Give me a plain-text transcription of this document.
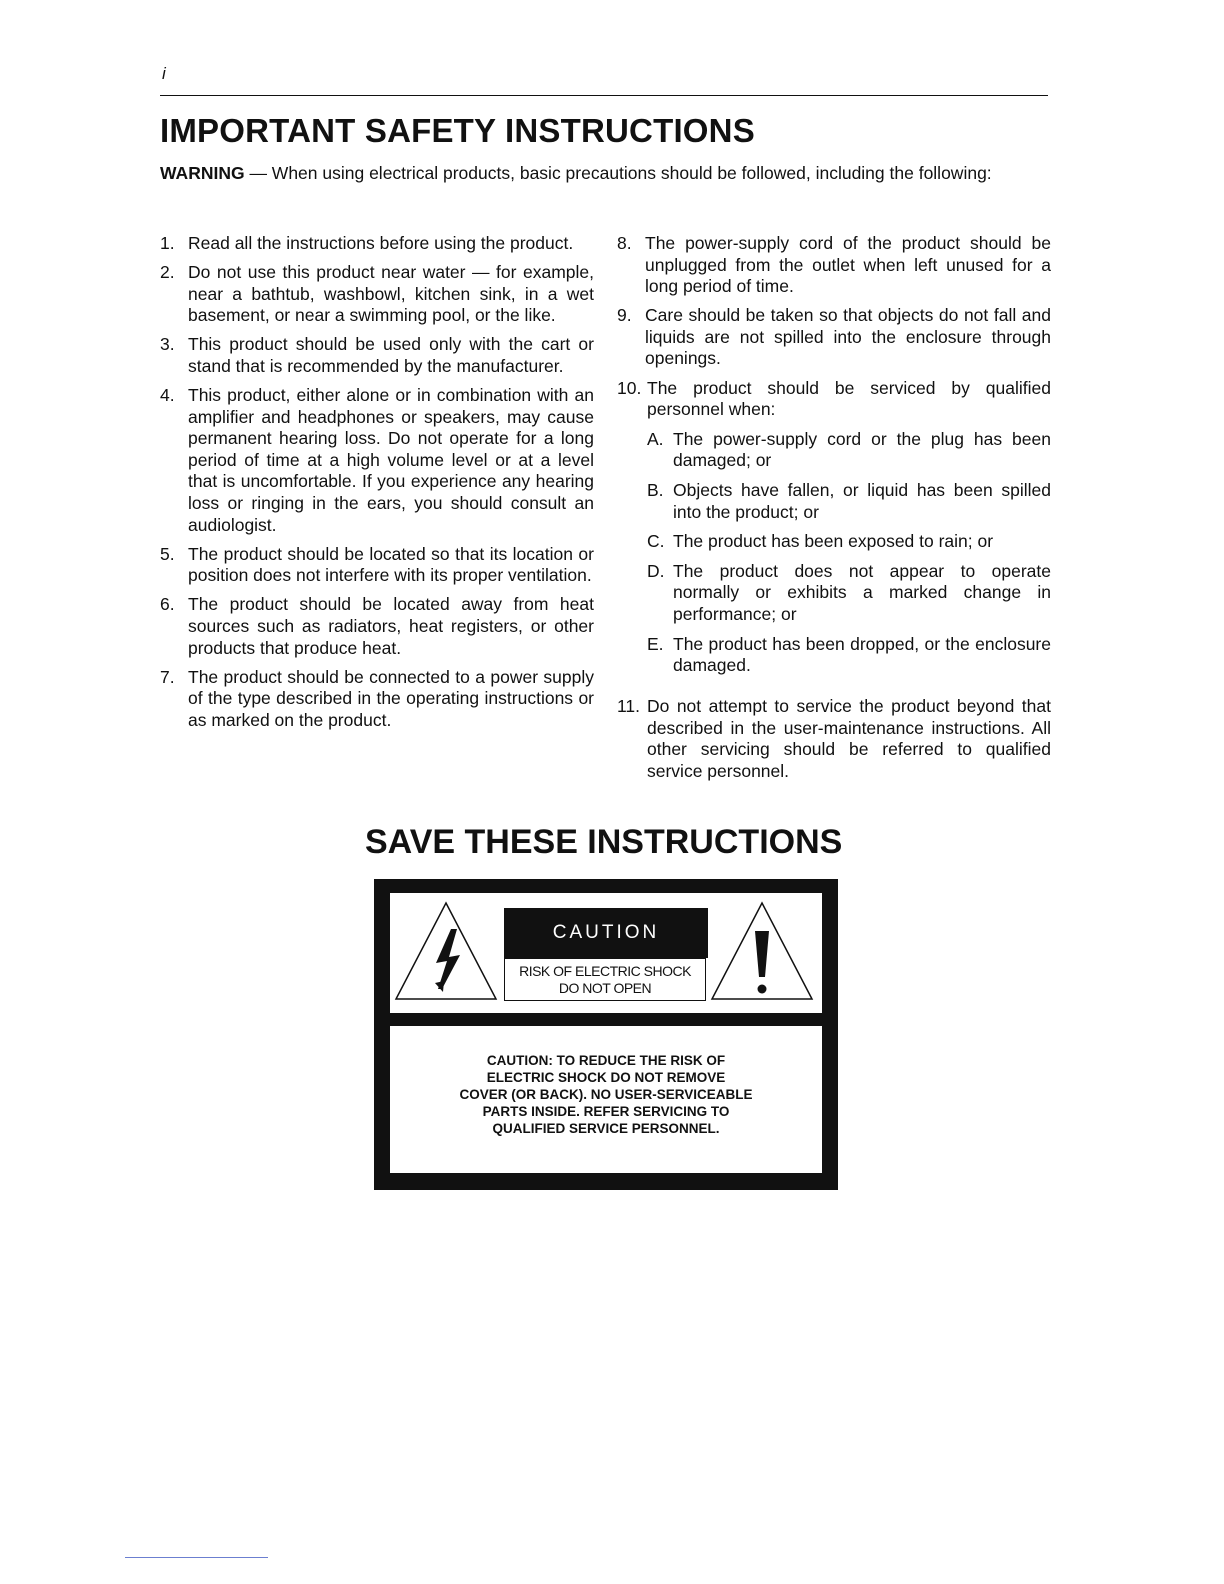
i
IMPORTANT SAFETY INSTRUCTIONS
WARNING — When using electrical products, basic precautions should be followed, including the following:
1. Read all the instructions before using the product.
2. Do not use this product near water — for example, near a bathtub, washbowl, kitchen sink, in a wet basement, or near a swimming pool, or the like.
3. This product should be used only with the cart or stand that is recommended by the manufacturer.
4. This product, either alone or in combination with an amplifier and headphones or speakers, may cause permanent hearing loss. Do not operate for a long period of time at a high volume level or at a level that is uncomfortable. If you experience any hearing loss or ringing in the ears, you should consult an audiologist.
5. The product should be located so that its location or position does not interfere with its proper ventilation.
6. The product should be located away from heat sources such as radiators, heat registers, or other products that produce heat.
7. The product should be connected to a power supply of the type described in the operating instructions or as marked on the product.
8. The power-supply cord of the product should be unplugged from the outlet when left unused for a long period of time.
9. Care should be taken so that objects do not fall and liquids are not spilled into the enclosure through openings.
10. The product should be serviced by qualified personnel when:
A. The power-supply cord or the plug has been damaged; or
B. Objects have fallen, or liquid has been spilled into the product; or
C. The product has been exposed to rain; or
D. The product does not appear to operate normally or exhibits a marked change in performance; or
E. The product has been dropped, or the enclosure damaged.
11. Do not attempt to service the product beyond that described in the user-maintenance instructions. All other servicing should be referred to qualified service personnel.
SAVE THESE INSTRUCTIONS
CAUTION
RISK OF ELECTRIC SHOCK
DO NOT OPEN
CAUTION: TO REDUCE THE RISK OF
ELECTRIC SHOCK DO NOT REMOVE
COVER (OR BACK). NO USER-SERVICEABLE
PARTS INSIDE. REFER SERVICING TO
QUALIFIED SERVICE PERSONNEL.
